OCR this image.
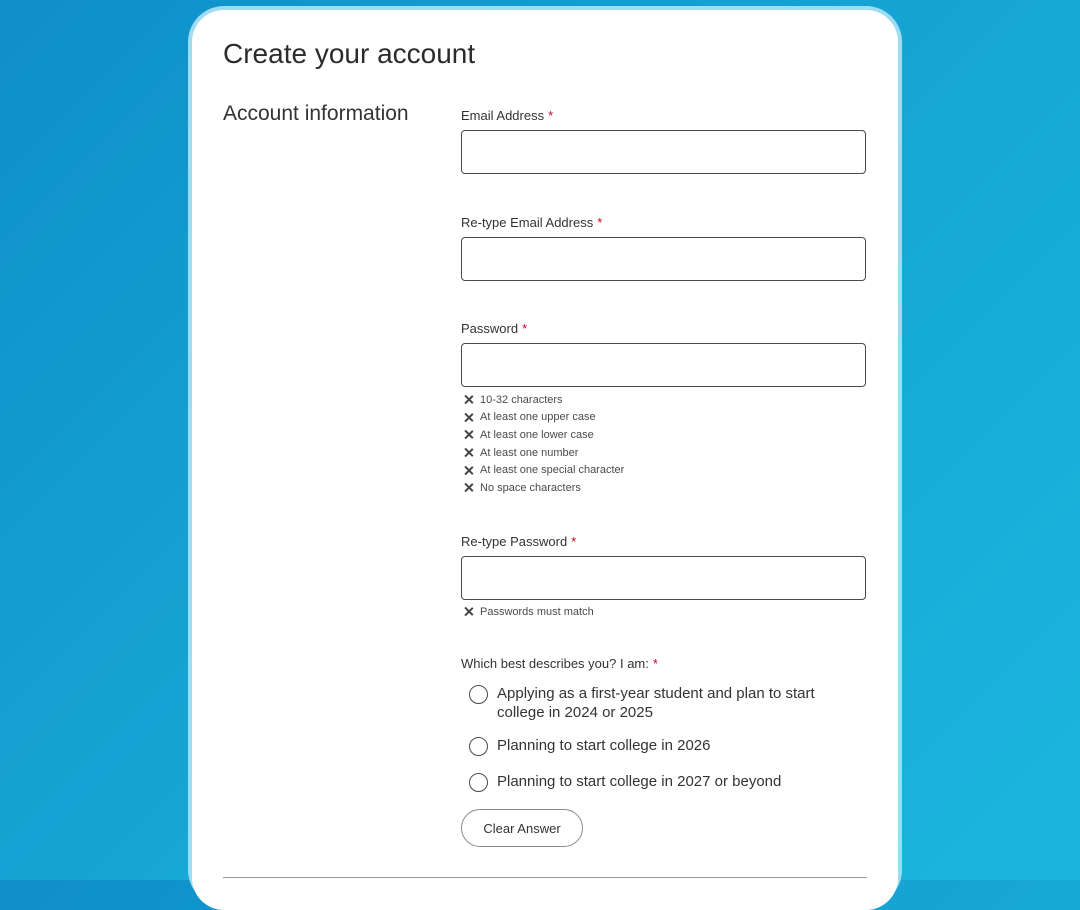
Create your account
Account information	Email Address *
Re-type Email Address *
Password *
10-32 characters
At least one upper case
At least one lower case
At least one number
At least one special character
No space characters
Re-type Password *
Passwords must match
Which best describes you? I am: *
Applying as a first-year student and plan to start college in 2024 or 2025
Planning to start college in 2026
Planning to start college in 2027 or beyond
Clear Answer
